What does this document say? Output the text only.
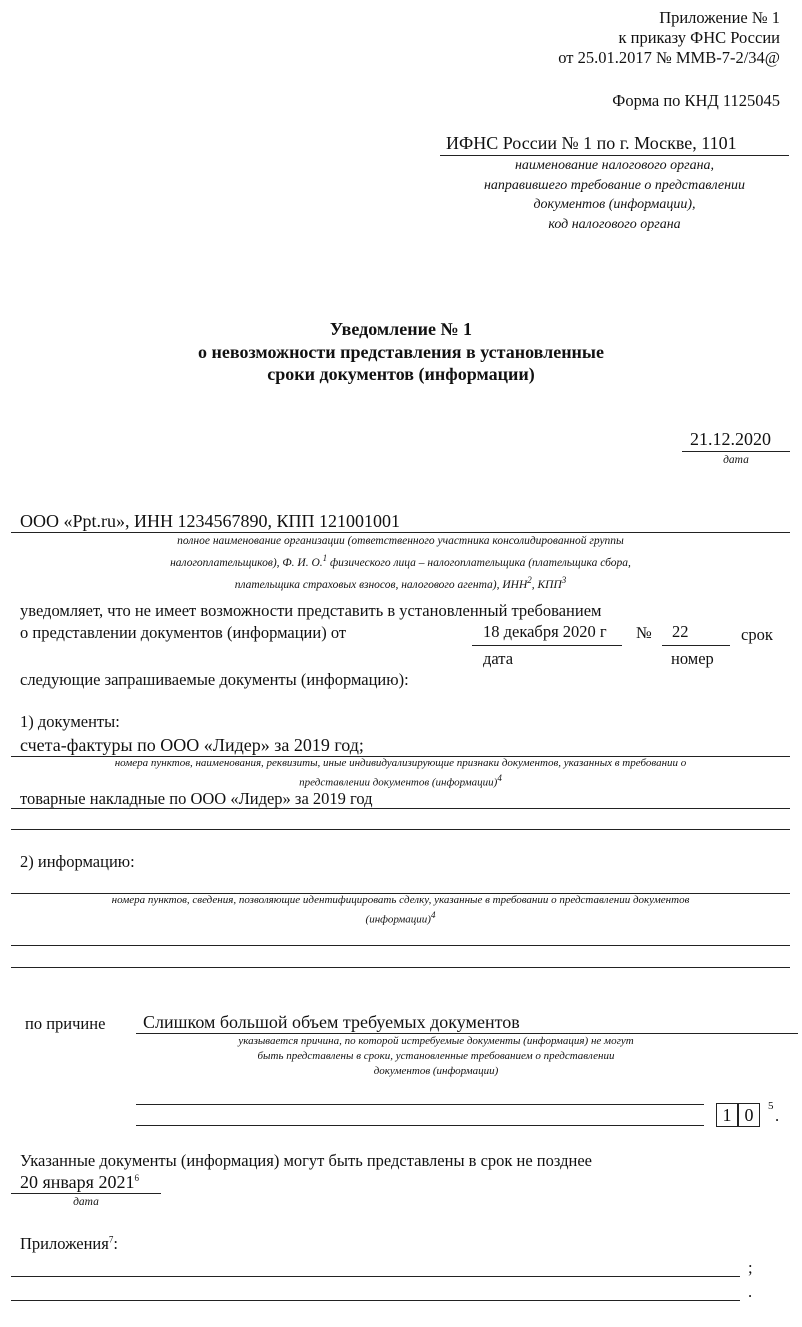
Приложение № 1
к приказу ФНС России
от 25.01.2017 № ММВ-7-2/34@
Форма по КНД 1125045
ИФНС России № 1 по г. Москве, 1101
наименование налогового органа,
направившего требование о представлении
документов (информации),
код налогового органа
Уведомление № 1
о невозможности представления в установленные
сроки документов (информации)
21.12.2020
дата
ООО «Ppt.ru», ИНН 1234567890, КПП 121001001
полное наименование организации (ответственного участника консолидированной группы
налогоплательщиков), Ф. И. О.$^1$ физического лица – налогоплательщика (плательщика сбора,
плательщика страховых взносов, налогового агента), ИНН$^2$, КПП$^3$
уведомляет, что не имеет возможности представить в установленный требованием
о представлении документов (информации) от	18 декабря 2020 г № 22	срок
дата	номер
следующие запрашиваемые документы (информацию):
1) документы:
счета-фактуры по ООО «Лидер» за 2019 год;
номера пунктов, наименования, реквизиты, иные индивидуализирующие признаки документов, указанных в требовании о
представлении документов (информации)$^4$
товарные накладные по ООО «Лидер» за 2019 год
2) информацию:
номера пунктов, сведения, позволяющие идентифицировать сделку, указанные в требовании о представлении документов
(информации)$^4$
по причине Слишком большой объем требуемых документов
указывается причина, по которой истребуемые документы (информация) не могут
быть представлены в сроки, установленные требованием о представлении
документов (информации)
1 0	5 .
Указанные документы (информация) могут быть представлены в срок не позднее
20 января 2021$^6$
дата
Приложения$^7$:
;
.
